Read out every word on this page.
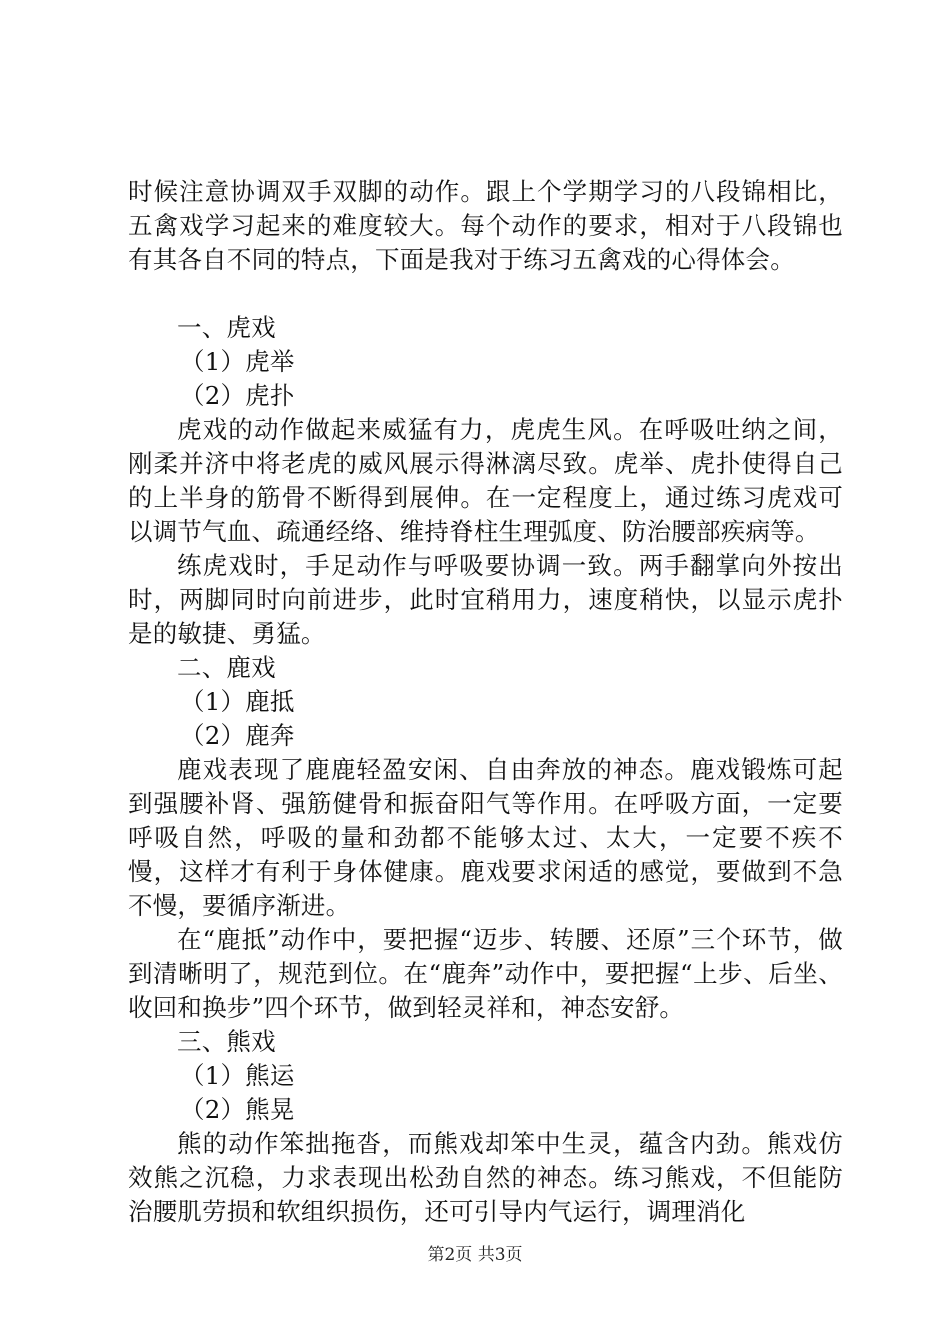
时候注意协调双手双脚的动作。跟上个学期学习的八段锦相比，五禽戏学习起来的难度较大。每个动作的要求，相对于八段锦也有其各自不同的特点，下面是我对于练习五禽戏的心得体会。

一、虎戏

（1）虎举

（2）虎扑

虎戏的动作做起来威猛有力，虎虎生风。在呼吸吐纳之间，刚柔并济中将老虎的威风展示得淋漓尽致。虎举、虎扑使得自己的上半身的筋骨不断得到展伸。在一定程度上，通过练习虎戏可以调节气血、疏通经络、维持脊柱生理弧度、防治腰部疾病等。

练虎戏时，手足动作与呼吸要协调一致。两手翻掌向外按出时，两脚同时向前进步，此时宜稍用力，速度稍快，以显示虎扑是的敏捷、勇猛。

二、鹿戏

（1）鹿抵

（2）鹿奔

鹿戏表现了鹿鹿轻盈安闲、自由奔放的神态。鹿戏锻炼可起到强腰补肾、强筋健骨和振奋阳气等作用。在呼吸方面，一定要呼吸自然，呼吸的量和劲都不能够太过、太大，一定要不疾不慢，这样才有利于身体健康。鹿戏要求闲适的感觉，要做到不急不慢，要循序渐进。

在“鹿抵”动作中，要把握“迈步、转腰、还原”三个环节，做到清晰明了，规范到位。在“鹿奔”动作中，要把握“上步、后坐、收回和换步”四个环节，做到轻灵祥和，神态安舒。

三、熊戏

（1）熊运

（2）熊晃

熊的动作笨拙拖沓，而熊戏却笨中生灵，蕴含内劲。熊戏仿效熊之沉稳，力求表现出松劲自然的神态。练习熊戏，不但能防治腰肌劳损和软组织损伤，还可引导内气运行，调理消化

第2页 共3页
